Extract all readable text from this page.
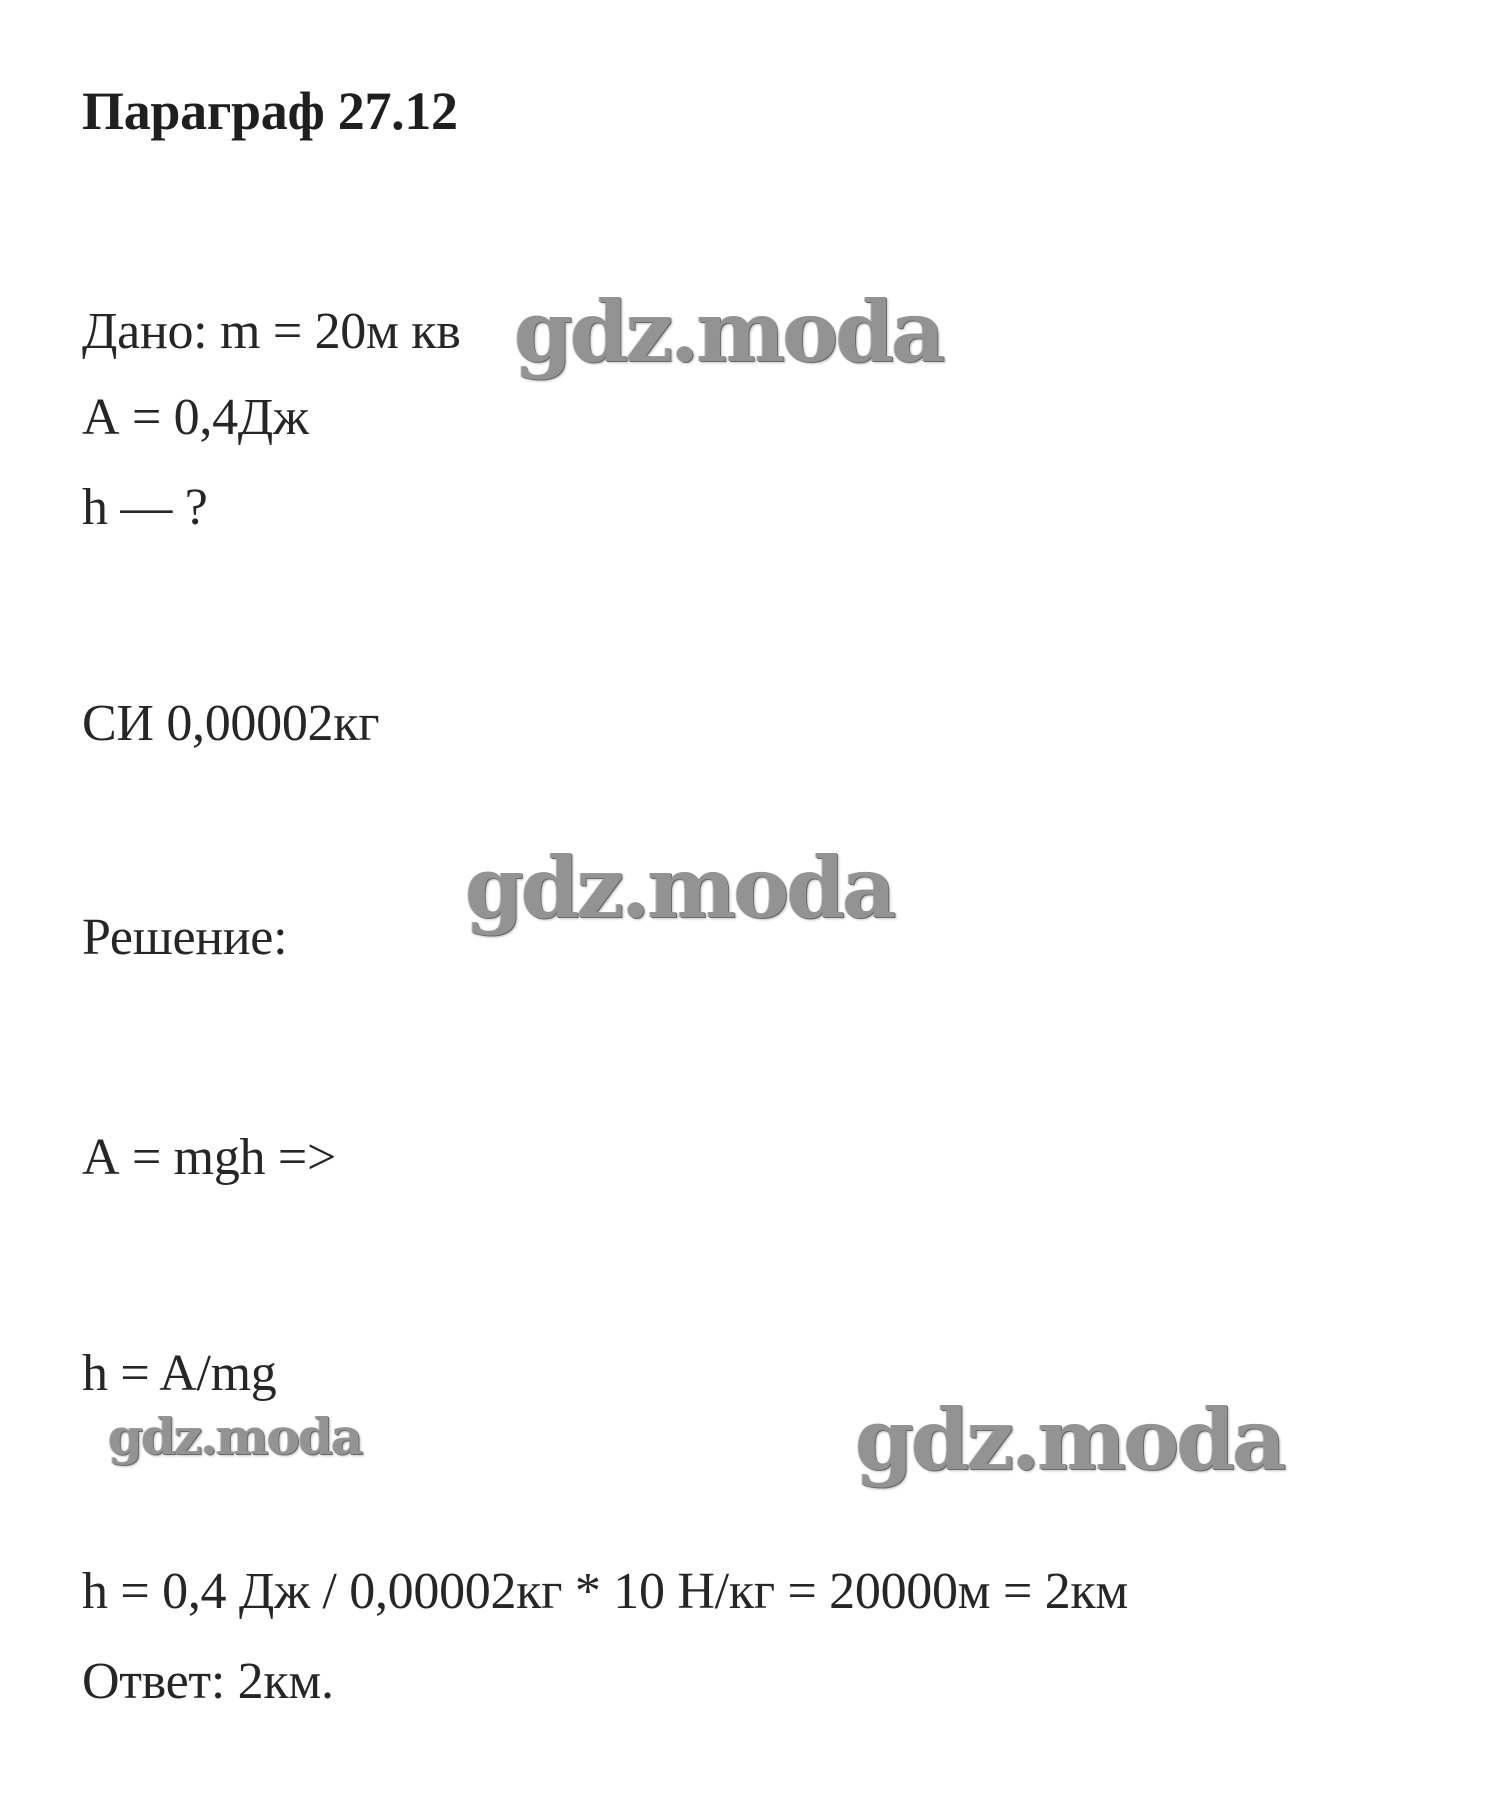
Параграф 27.12
Дано: m = 20м кв
А = 0,4Дж
h — ?
СИ 0,00002кг
Решение:
А = mgh =>
h = A/mg
h = 0,4 Дж / 0,00002кг * 10 Н/кг = 20000м = 2км
Ответ: 2км.
gdz.moda
gdz.moda
gdz.moda	gdz.moda
